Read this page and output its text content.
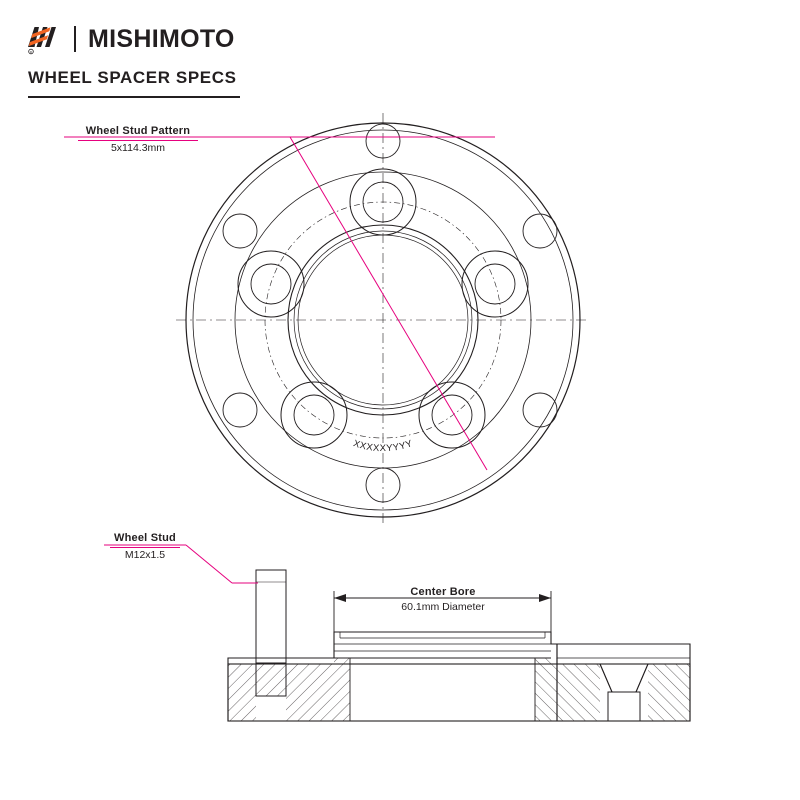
R MISHIMOTO
WHEEL SPACER SPECS
Wheel Stud Pattern
5x114.3mm
Wheel Stud
M12x1.5
Center Bore
60.1mm Diameter
XXXXXYYYY
